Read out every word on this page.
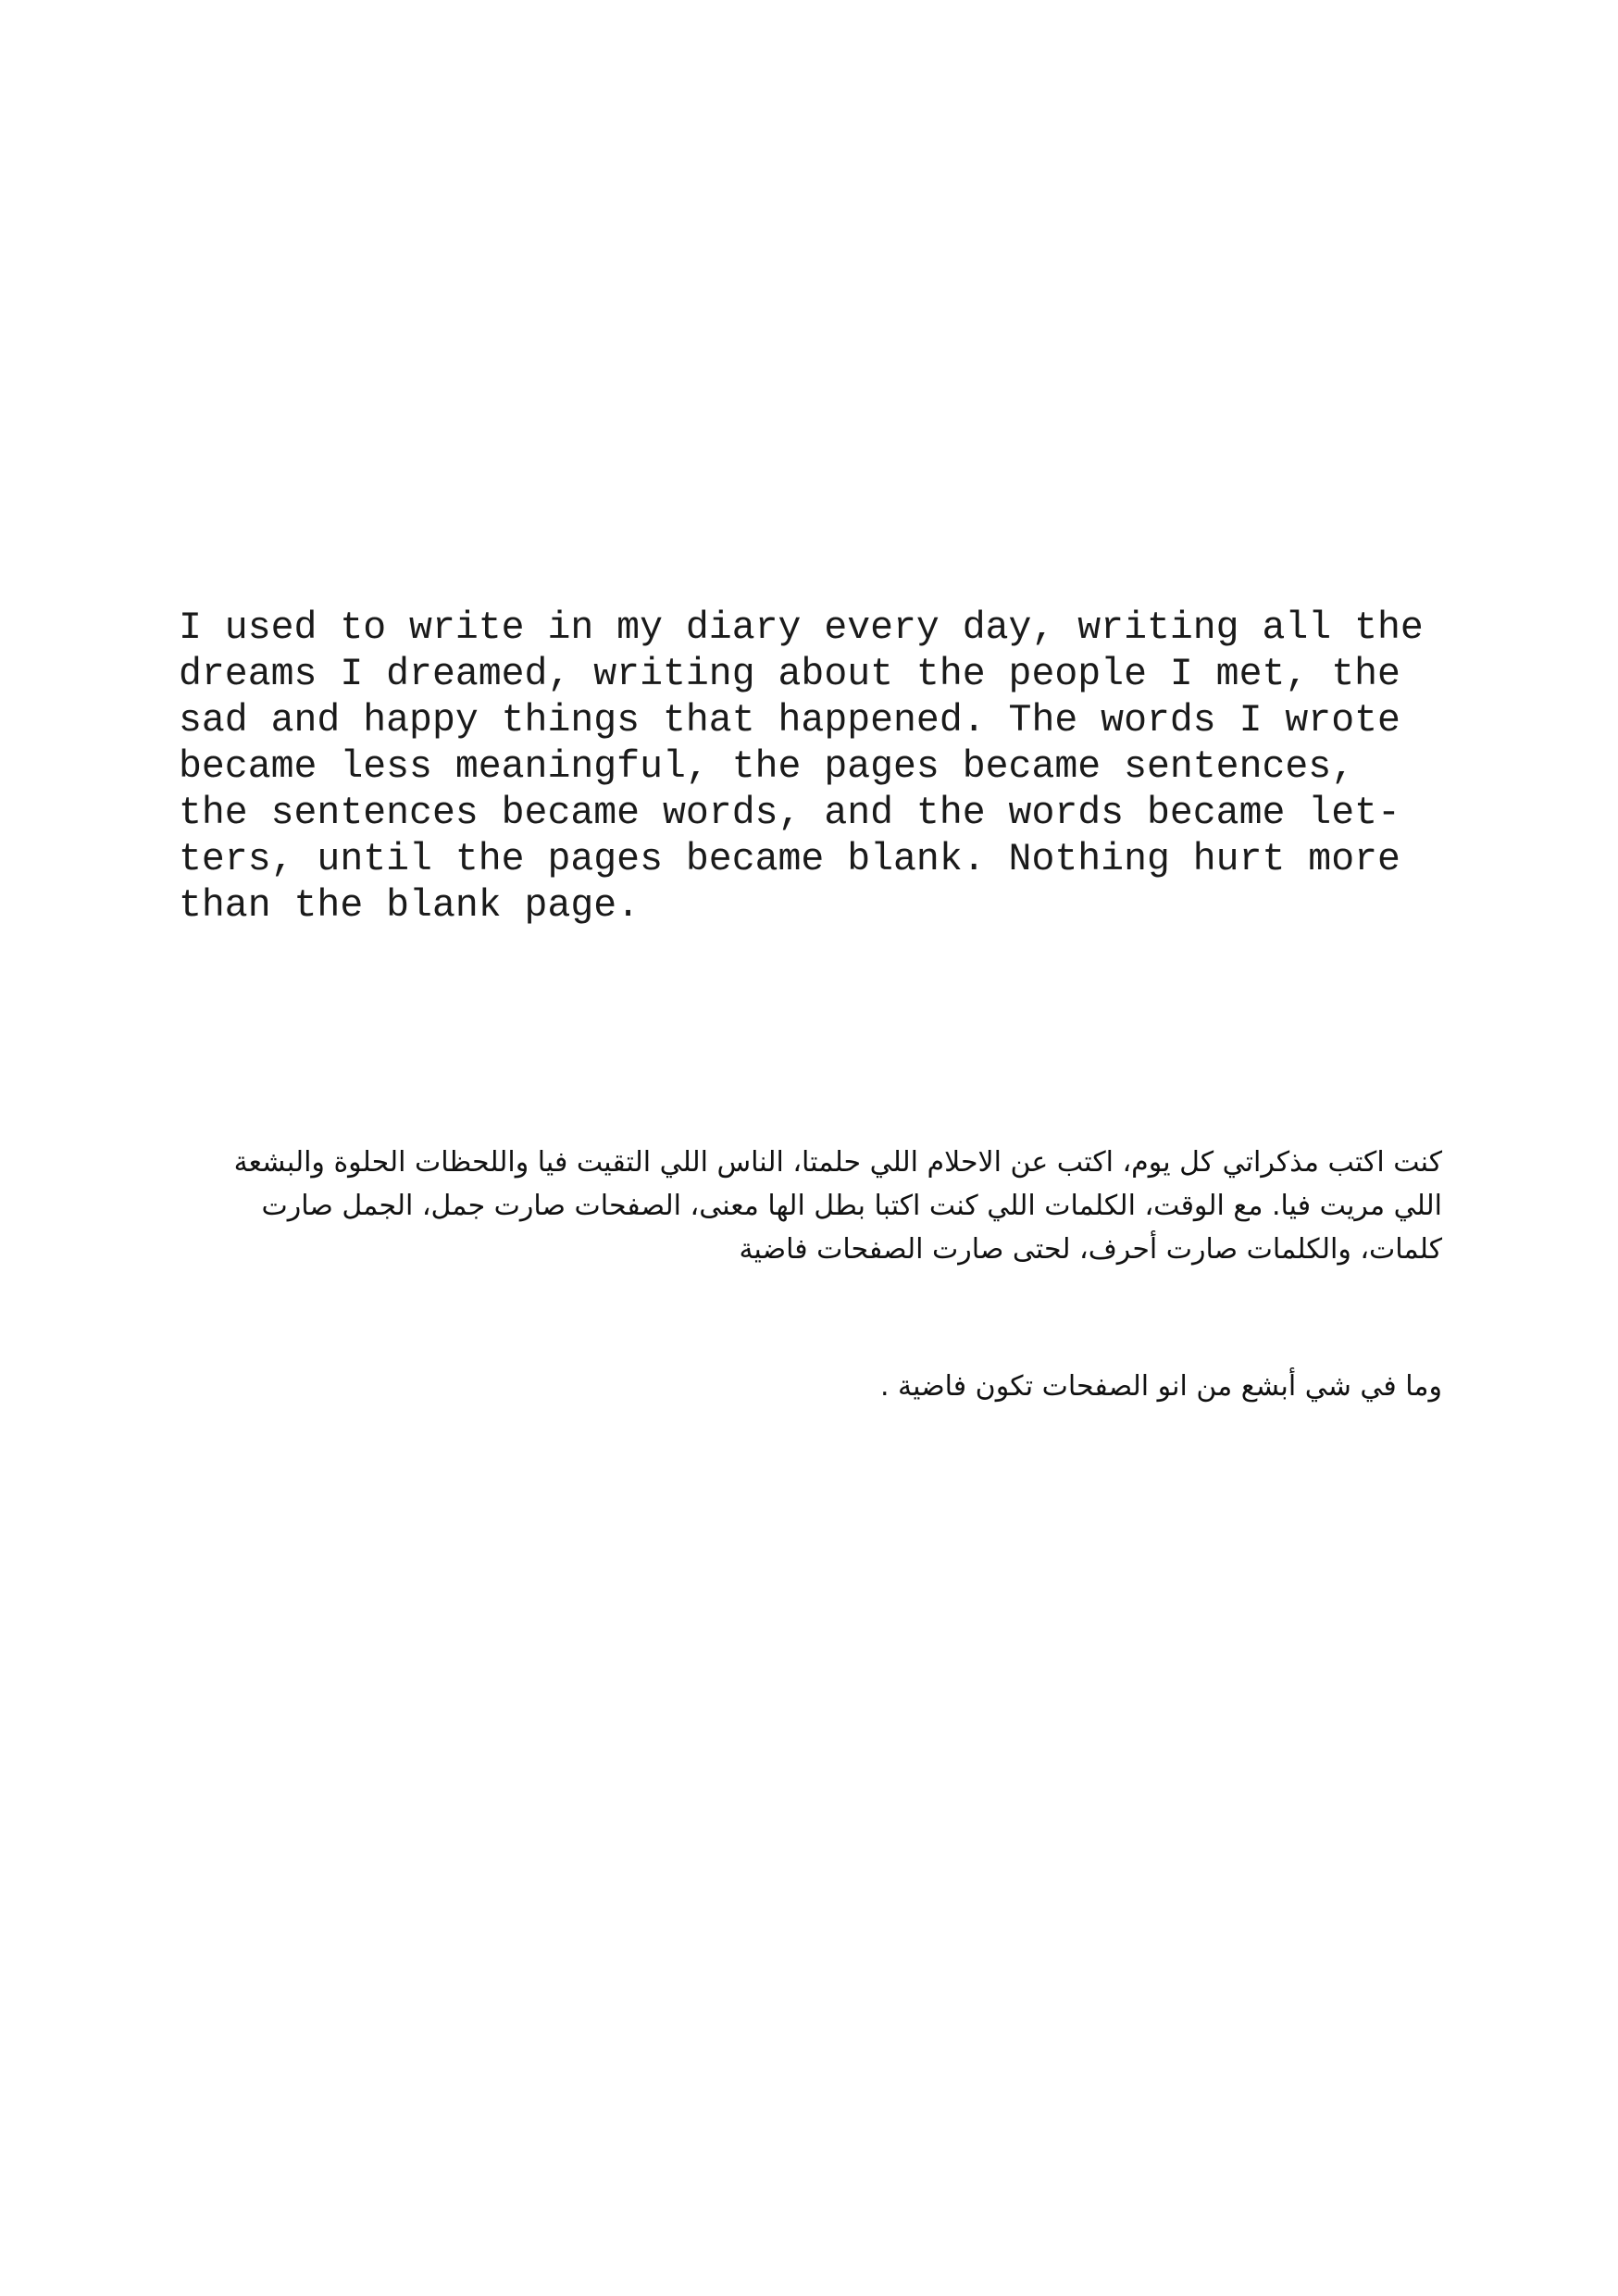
I used to write in my diary every day, writing all the
dreams I dreamed, writing about the people I met, the
sad and happy things that happened. The words I wrote
became less meaningful, the pages became sentences,
the sentences became words, and the words became let-
ters, until the pages became blank. Nothing hurt more
than the blank page.

كنت اكتب مذكراتي كل يوم، اكتب عن الاحلام اللي حلمتا، الناس اللي التقيت فيا واللحظات الحلوة والبشعة
اللي مريت فيا. مع الوقت، الكلمات اللي كنت اكتبا بطل الها معنى، الصفحات صارت جمل، الجمل صارت
كلمات، والكلمات صارت أحرف، لحتى صارت الصفحات فاضية

وما في شي أبشع من انو الصفحات تكون فاضية .
